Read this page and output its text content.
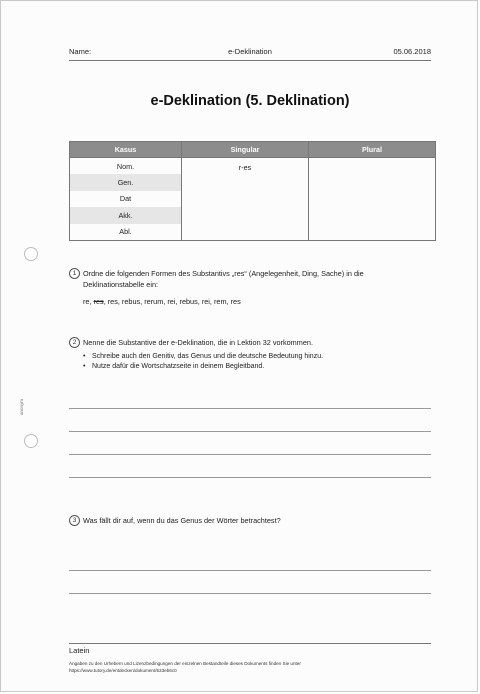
Name:	e-Deklination	05.06.2018
e-Deklination (5. Deklination)
Kasus	Singular	Plural
Nom.	r-es	
Gen.		
Dat		
Akk.		
Abl.		
1 Ordne die folgenden Formen des Substantivs „res“ (Angelegenheit, Ding, Sache) in die
Deklinationstabelle ein:
re, res, res, rebus, rerum, rei, rebus, rei, rem, res
2 Nenne die Substantive der e-Deklination, die in Lektion 32 vorkommen.
• Schreibe auch den Genitiv, das Genus und die deutsche Bedeutung hinzu.
• Nutze dafür die Wortschatzseite in deinem Begleitband.
3 Was fällt dir auf, wenn du das Genus der Wörter betrachtest?
anonym
Latein
Angaben zu den Urhebern und Lizenzbedingungen der einzelnen Bestandteile dieses Dokuments finden Sie unter
https://www.tutory.de/entdecken/dokument/533eb6c0
